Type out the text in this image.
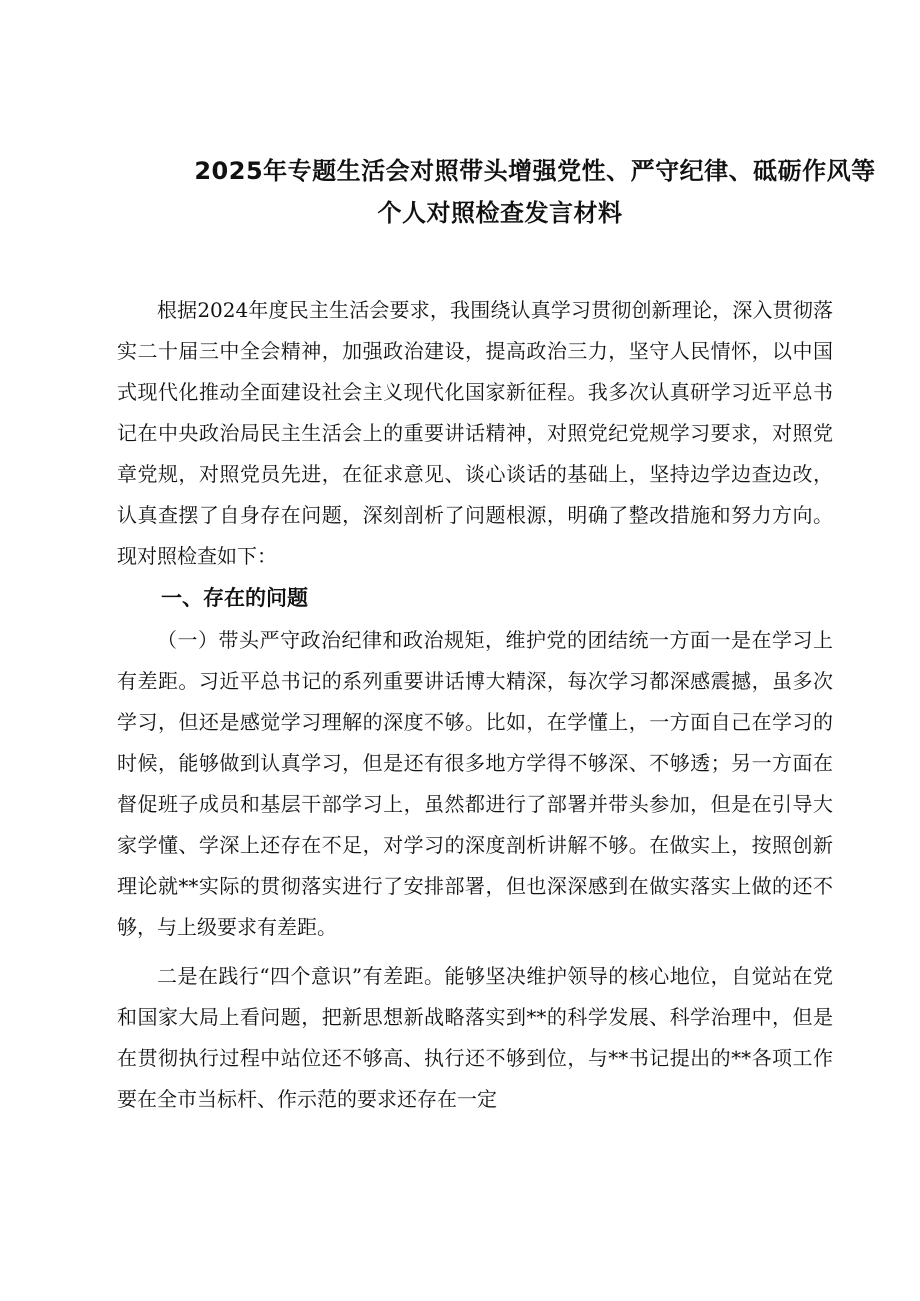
2025年专题生活会对照带头增强党性、严守纪律、砥砺作风等
个人对照检查发言材料

根据2024年度民主生活会要求，我围绕认真学习贯彻创新理论，深入贯彻落实二十届三中全会精神，加强政治建设，提高政治三力，坚守人民情怀，以中国式现代化推动全面建设社会主义现代化国家新征程。我多次认真研学习近平总书记在中央政治局民主生活会上的重要讲话精神，对照党纪党规学习要求，对照党章党规，对照党员先进，在征求意见、谈心谈话的基础上，坚持边学边查边改，认真查摆了自身存在问题，深刻剖析了问题根源，明确了整改措施和努力方向。现对照检查如下：

一、存在的问题

（一）带头严守政治纪律和政治规矩，维护党的团结统一方面一是在学习上有差距。习近平总书记的系列重要讲话博大精深，每次学习都深感震撼，虽多次学习，但还是感觉学习理解的深度不够。比如，在学懂上，一方面自己在学习的时候，能够做到认真学习，但是还有很多地方学得不够深、不够透；另一方面在督促班子成员和基层干部学习上，虽然都进行了部署并带头参加，但是在引导大家学懂、学深上还存在不足，对学习的深度剖析讲解不够。在做实上，按照创新理论就**实际的贯彻落实进行了安排部署，但也深深感到在做实落实上做的还不够，与上级要求有差距。

二是在践行“四个意识”有差距。能够坚决维护领导的核心地位，自觉站在党和国家大局上看问题，把新思想新战略落实到**的科学发展、科学治理中，但是在贯彻执行过程中站位还不够高、执行还不够到位，与**书记提出的**各项工作要在全市当标杆、作示范的要求还存在一定
